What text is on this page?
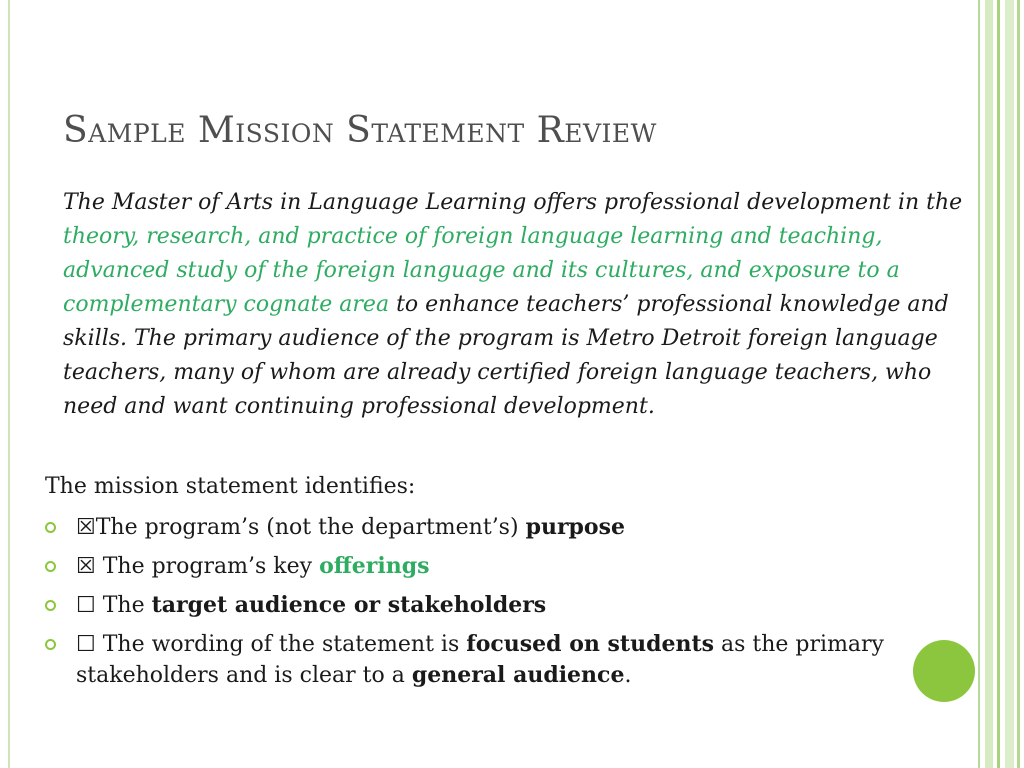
Sample Mission Statement Review

The Master of Arts in Language Learning offers professional development in the theory, research, and practice of foreign language learning and teaching, advanced study of the foreign language and its cultures, and exposure to a complementary cognate area to enhance teachers’ professional knowledge and skills. The primary audience of the program is Metro Detroit foreign language teachers, many of whom are already certified foreign language teachers, who need and want continuing professional development.

The mission statement identifies:

☒The program’s (not the department’s) purpose
☒ The program’s key offerings
☐ The target audience or stakeholders
☐ The wording of the statement is focused on students as the primary stakeholders and is clear to a general audience.
